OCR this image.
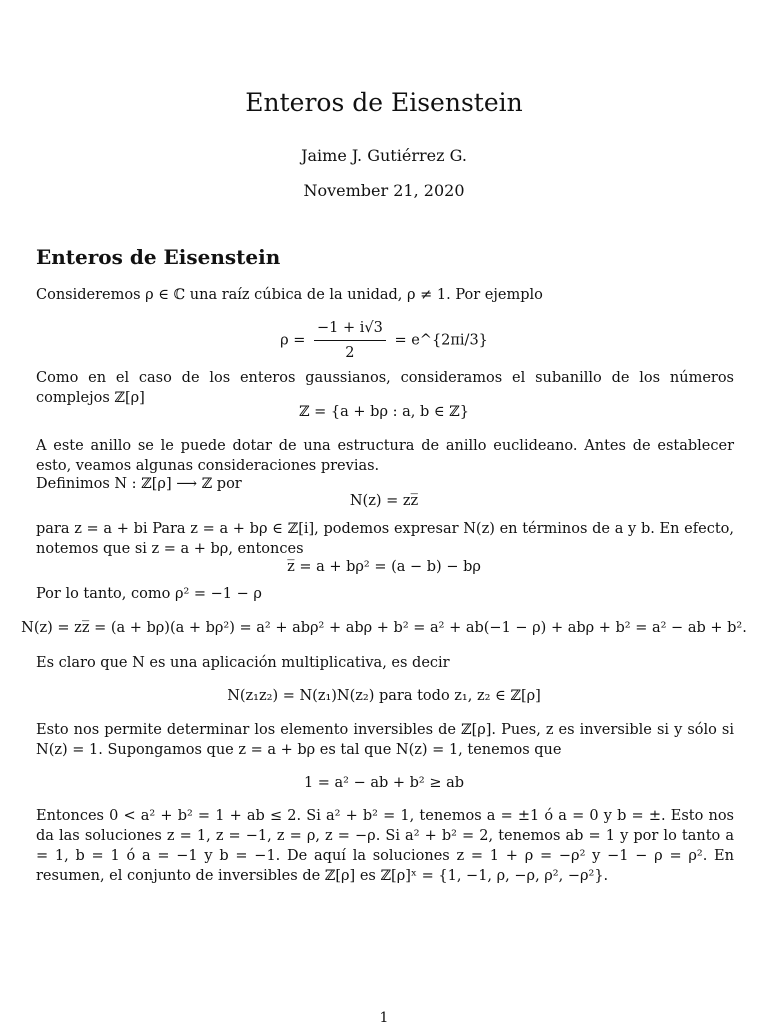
Enteros de Eisenstein
Jaime J. Gutiérrez G.
November 21, 2020
Enteros de Eisenstein
Consideremos ρ ∈ ℂ una raíz cúbica de la unidad, ρ ≠ 1. Por ejemplo
$\rho = \frac{-1 + i√3}{2}$ = e^{2πi/3}
Como en el caso de los enteros gaussianos, consideramos el subanillo de los números complejos ℤ[ρ]
ℤ = {a + bρ : a, b ∈ ℤ}
A este anillo se le puede dotar de una estructura de anillo euclideano. Antes de establecer esto, veamos algunas consideraciones previas.
Definimos N : ℤ[ρ] ⟶ ℤ por
N(z) = zz̅
para z = a + bi Para z = a + bρ ∈ ℤ[i], podemos expresar N(z) en términos de a y b. En efecto, notemos que si z = a + bρ, entonces
z̅ = a + bρ² = (a − b) − bρ
Por lo tanto, como ρ² = −1 − ρ
N(z) = zz̅ = (a + bρ)(a + bρ²) = a² + abρ² + abρ + b² = a² + ab(−1 − ρ) + abρ + b² = a² − ab + b².
Es claro que N es una aplicación multiplicativa, es decir
N(z₁z₂) = N(z₁)N(z₂) para todo z₁, z₂ ∈ ℤ[ρ]
Esto nos permite determinar los elemento inversibles de ℤ[ρ]. Pues, z es inversible si y sólo si N(z) = 1. Supongamos que z = a + bρ es tal que N(z) = 1, tenemos que
1 = a² − ab + b² ≥ ab
Entonces 0 < a² + b² = 1 + ab ≤ 2. Si a² + b² = 1, tenemos a = ±1 ó a = 0 y b = ±. Esto nos da las soluciones z = 1, z = −1, z = ρ, z = −ρ. Si a² + b² = 2, tenemos ab = 1 y por lo tanto a = 1, b = 1 ó a = −1 y b = −1. De aquí la soluciones z = 1 + ρ = −ρ² y −1 − ρ = ρ². En resumen, el conjunto de inversibles de ℤ[ρ] es ℤ[ρ]ˣ = {1, −1, ρ, −ρ, ρ², −ρ²}.
1
